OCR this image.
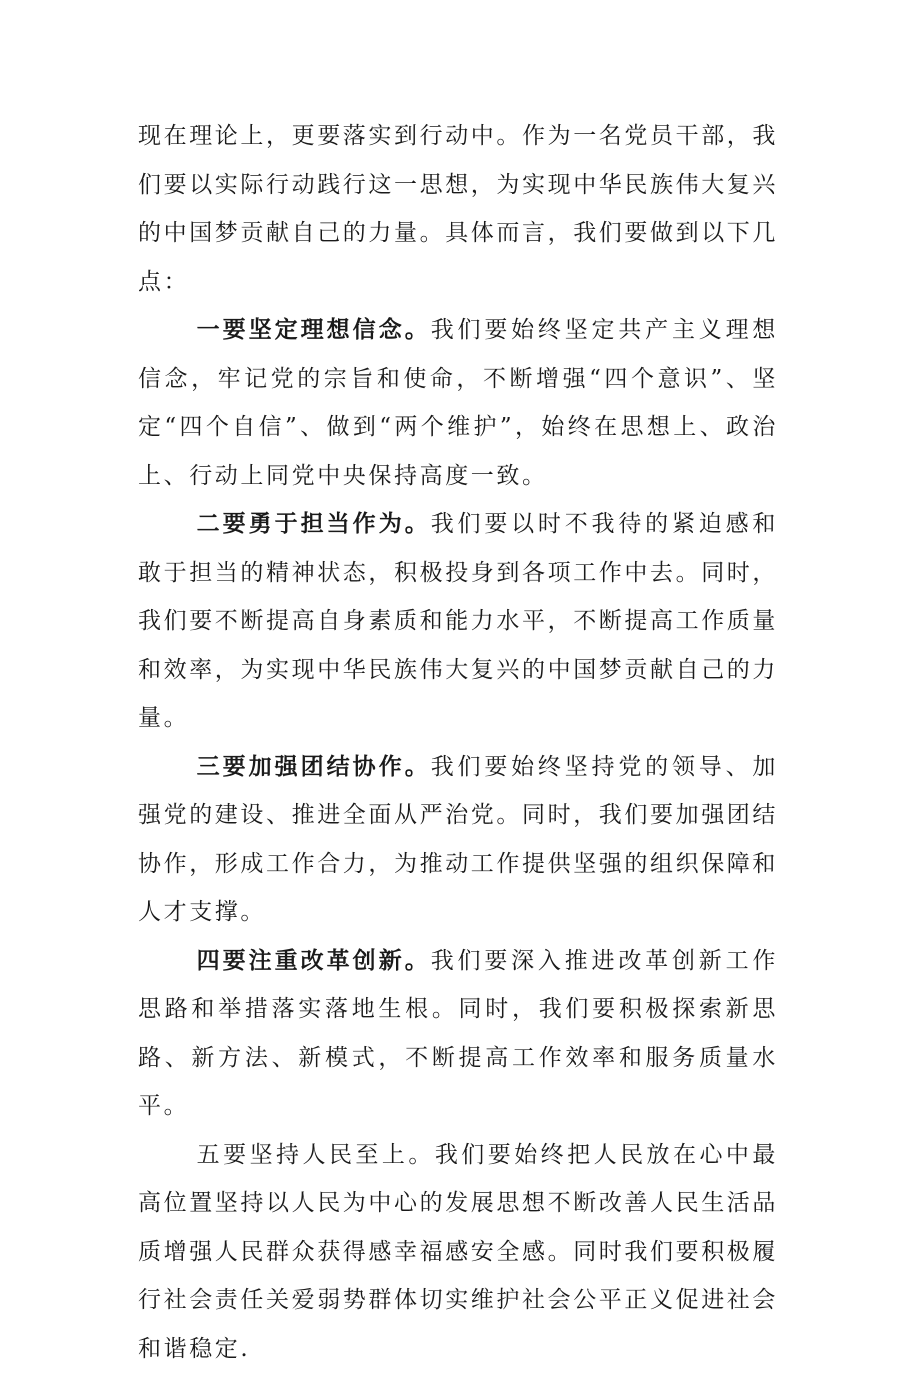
现在理论上，更要落实到行动中。作为一名党员干部，我们要以实际行动践行这一思想，为实现中华民族伟大复兴的中国梦贡献自己的力量。具体而言，我们要做到以下几点：

一要坚定理想信念。我们要始终坚定共产主义理想信念，牢记党的宗旨和使命，不断增强“四个意识”、坚定“四个自信”、做到“两个维护”，始终在思想上、政治上、行动上同党中央保持高度一致。

二要勇于担当作为。我们要以时不我待的紧迫感和敢于担当的精神状态，积极投身到各项工作中去。同时，我们要不断提高自身素质和能力水平，不断提高工作质量和效率，为实现中华民族伟大复兴的中国梦贡献自己的力量。

三要加强团结协作。我们要始终坚持党的领导、加强党的建设、推进全面从严治党。同时，我们要加强团结协作，形成工作合力，为推动工作提供坚强的组织保障和人才支撑。

四要注重改革创新。我们要深入推进改革创新工作思路和举措落实落地生根。同时，我们要积极探索新思路、新方法、新模式，不断提高工作效率和服务质量水平。

五要坚持人民至上。我们要始终把人民放在心中最高位置坚持以人民为中心的发展思想不断改善人民生活品质增强人民群众获得感幸福感安全感。同时我们要积极履行社会责任关爱弱势群体切实维护社会公平正义促进社会和谐稳定.
